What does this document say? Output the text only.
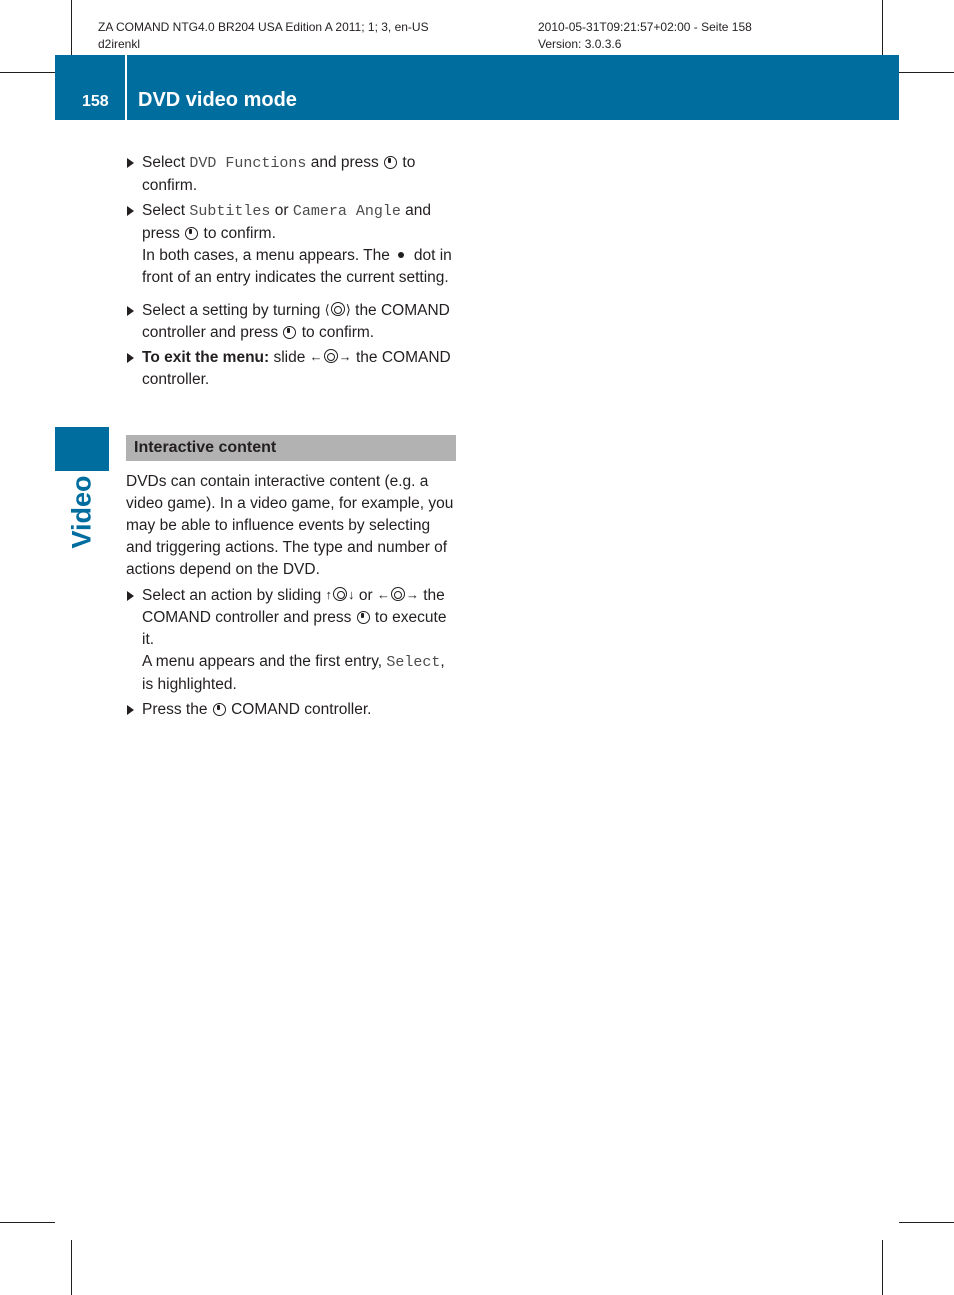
ZA COMAND NTG4.0 BR204 USA Edition A 2011; 1; 3, en-US
d2irenkl
2010-05-31T09:21:57+02:00 - Seite 158
Version: 3.0.3.6
158 DVD video mode
Video
Select DVD Functions and press  to confirm.
Select Subtitles or Camera Angle and press  to confirm.
In both cases, a menu appears. The dot in front of an entry indicates the current setting.
Select a setting by turning ⟨ ⟩ the COMAND controller and press  to confirm.
To exit the menu: slide ← → the COMAND controller.
Interactive content

DVDs can contain interactive content (e.g. a video game). In a video game, for example, you may be able to influence events by selecting and triggering actions. The type and number of actions depend on the DVD.

Select an action by sliding ↑ ↓ or ← → the COMAND controller and press  to execute it.
A menu appears and the first entry, Select, is highlighted.
Press the  COMAND controller.
